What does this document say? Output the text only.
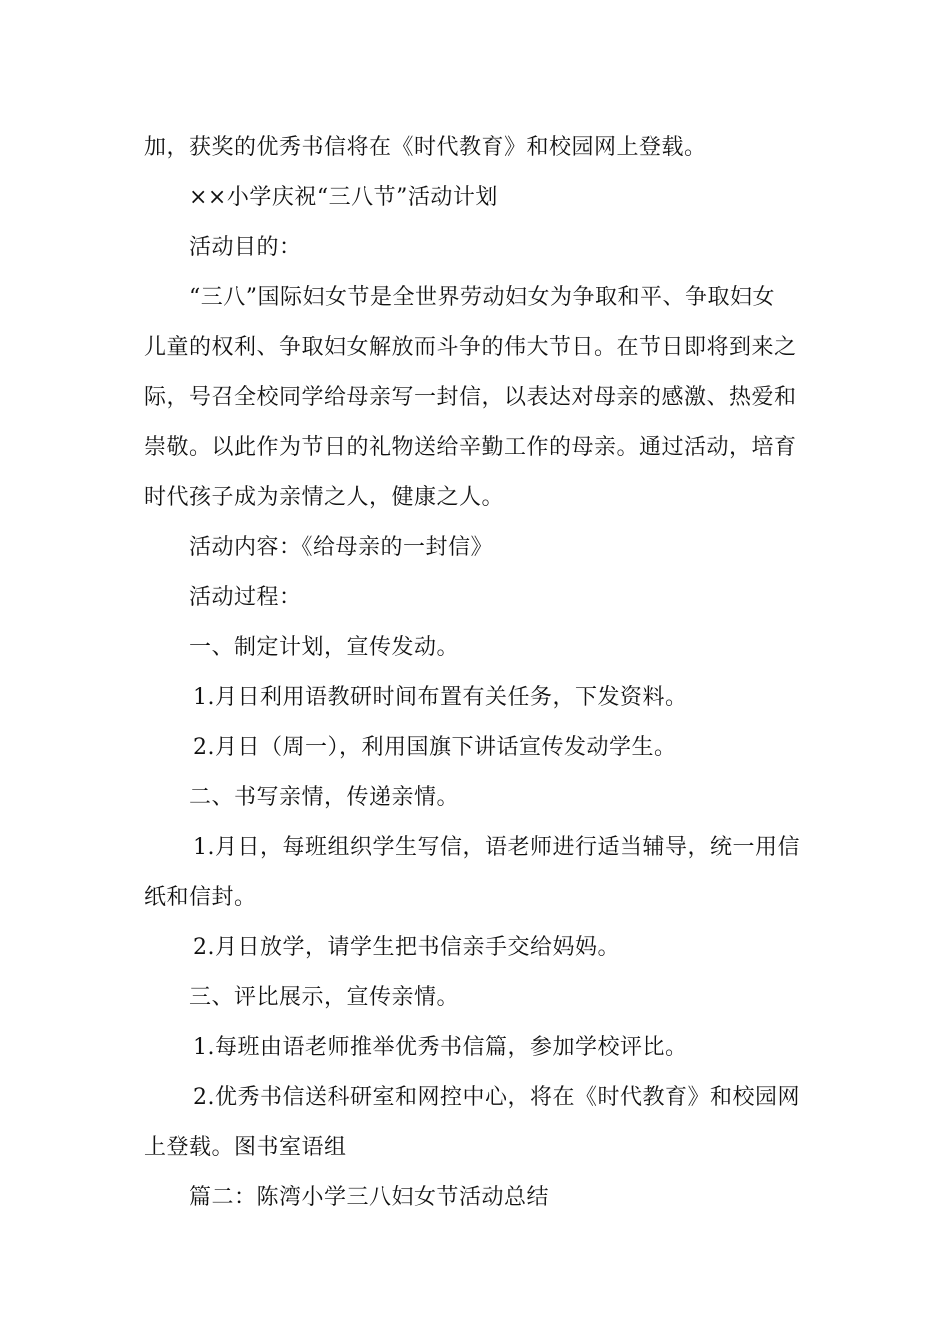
加，获奖的优秀书信将在《时代教育》和校园网上登载。
××小学庆祝“三八节”活动计划
活动目的：
“三八”国际妇女节是全世界劳动妇女为争取和平、争取妇女
儿童的权利、争取妇女解放而斗争的伟大节日。在节日即将到来之
际，号召全校同学给母亲写一封信，以表达对母亲的感激、热爱和
崇敬。以此作为节日的礼物送给辛勤工作的母亲。通过活动，培育
时代孩子成为亲情之人，健康之人。
活动内容：《给母亲的一封信》
活动过程：
一、制定计划，宣传发动。
1.月日利用语教研时间布置有关任务，下发资料。
2.月日（周一），利用国旗下讲话宣传发动学生。
二、书写亲情，传递亲情。
1.月日，每班组织学生写信，语老师进行适当辅导，统一用信
纸和信封。
2.月日放学，请学生把书信亲手交给妈妈。
三、评比展示，宣传亲情。
1.每班由语老师推举优秀书信篇，参加学校评比。
2.优秀书信送科研室和网控中心，将在《时代教育》和校园网
上登载。图书室语组
篇二：陈湾小学三八妇女节活动总结
